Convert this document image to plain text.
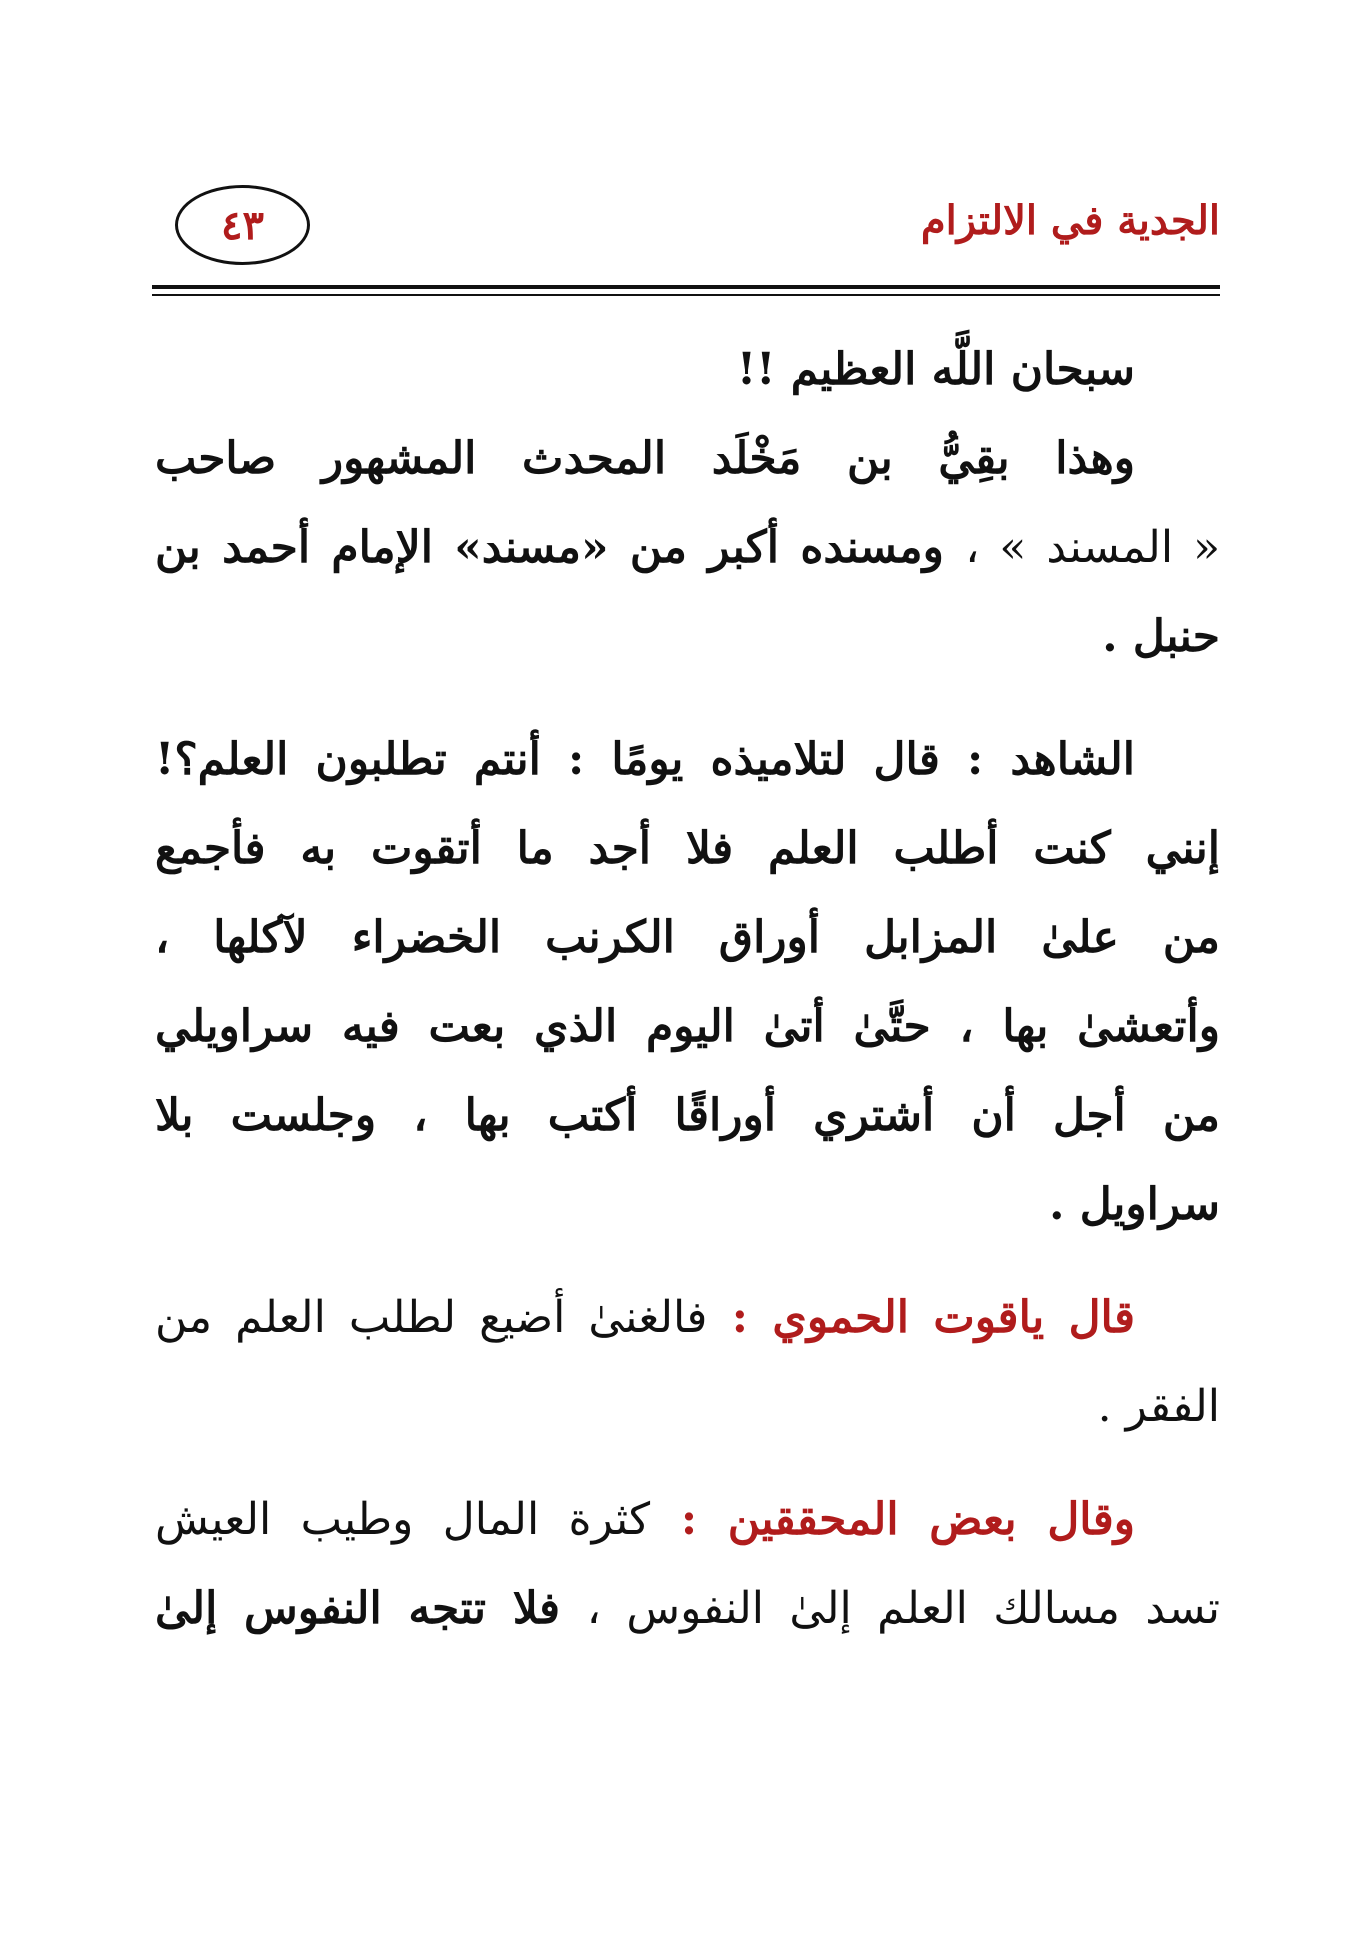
الجدية في الالتزام
٤٣
سبحان اللَّه العظيم !!
وهذا بقِيُّ بن مَخْلَد المحدث المشهور صاحب
« المسند » ، ومسنده أكبر من «مسند» الإمام أحمد بن
حنبل .
الشاهد : قال لتلاميذه يومًا : أنتم تطلبون العلم؟!
إنني كنت أطلب العلم فلا أجد ما أتقوت به فأجمع
من علىٰ المزابل أوراق الكرنب الخضراء لآكلها ،
وأتعشىٰ بها ، حتَّىٰ أتىٰ اليوم الذي بعت فيه سراويلي
من أجل أن أشتري أوراقًا أكتب بها ، وجلست بلا
سراويل .
قال ياقوت الحموي : فالغنىٰ أضيع لطلب العلم من
الفقر .
وقال بعض المحققين : كثرة المال وطيب العيش
تسد مسالك العلم إلىٰ النفوس ، فلا تتجه النفوس إلىٰ
